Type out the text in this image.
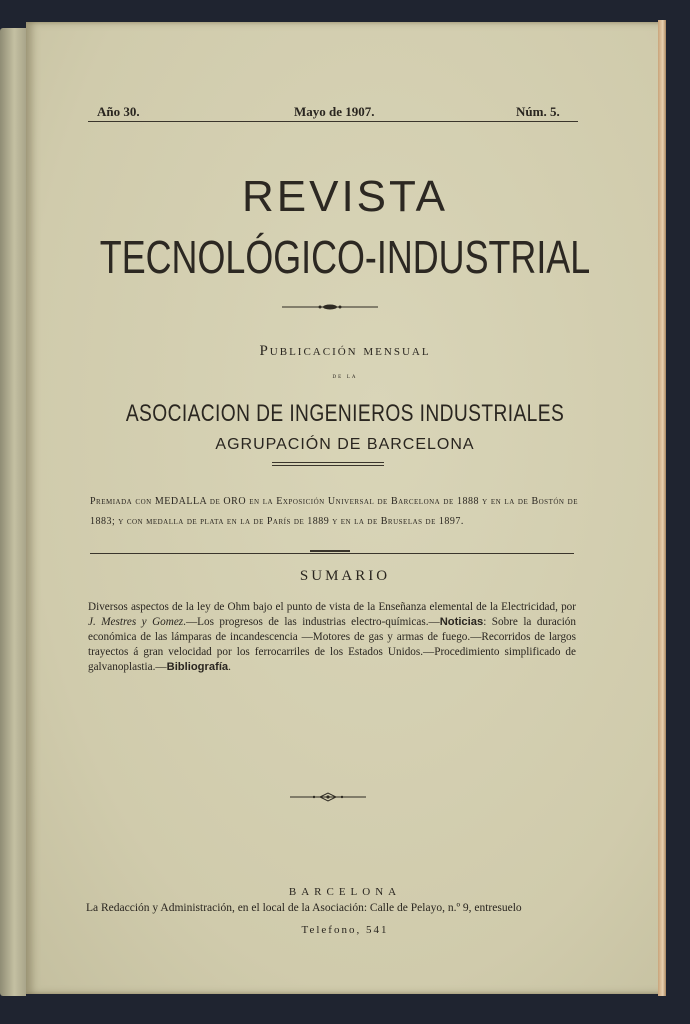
Año 30.	Mayo de 1907.	Núm. 5.
REVISTA
TECNOLÓGICO-INDUSTRIAL
Publicación mensual
de la
ASOCIACION DE INGENIEROS INDUSTRIALES
AGRUPACIÓN DE BARCELONA
Premiada con MEDALLA de ORO en la Exposición Universal de Barcelona de 1888 y en la de Bostón de 1883; y con medalla de plata en la de París de 1889 y en la de Bruselas de 1897.
SUMARIO
Diversos aspectos de la ley de Ohm bajo el punto de vista de la Enseñanza elemental de la Electricidad, por J. Mestres y Gomez.—Los progresos de las industrias electro-químicas.—Noticias: Sobre la duración económica de las lámparas de incandescencia —Motores de gas y armas de fuego.—Recorridos de largos trayectos á gran velocidad por los ferrocarriles de los Estados Unidos.—Procedimiento simplificado de galvanoplastia.—Bibliografía.
BARCELONA
La Redacción y Administración, en el local de la Asociación: Calle de Pelayo, n.º 9, entresuelo
Telefono, 541
